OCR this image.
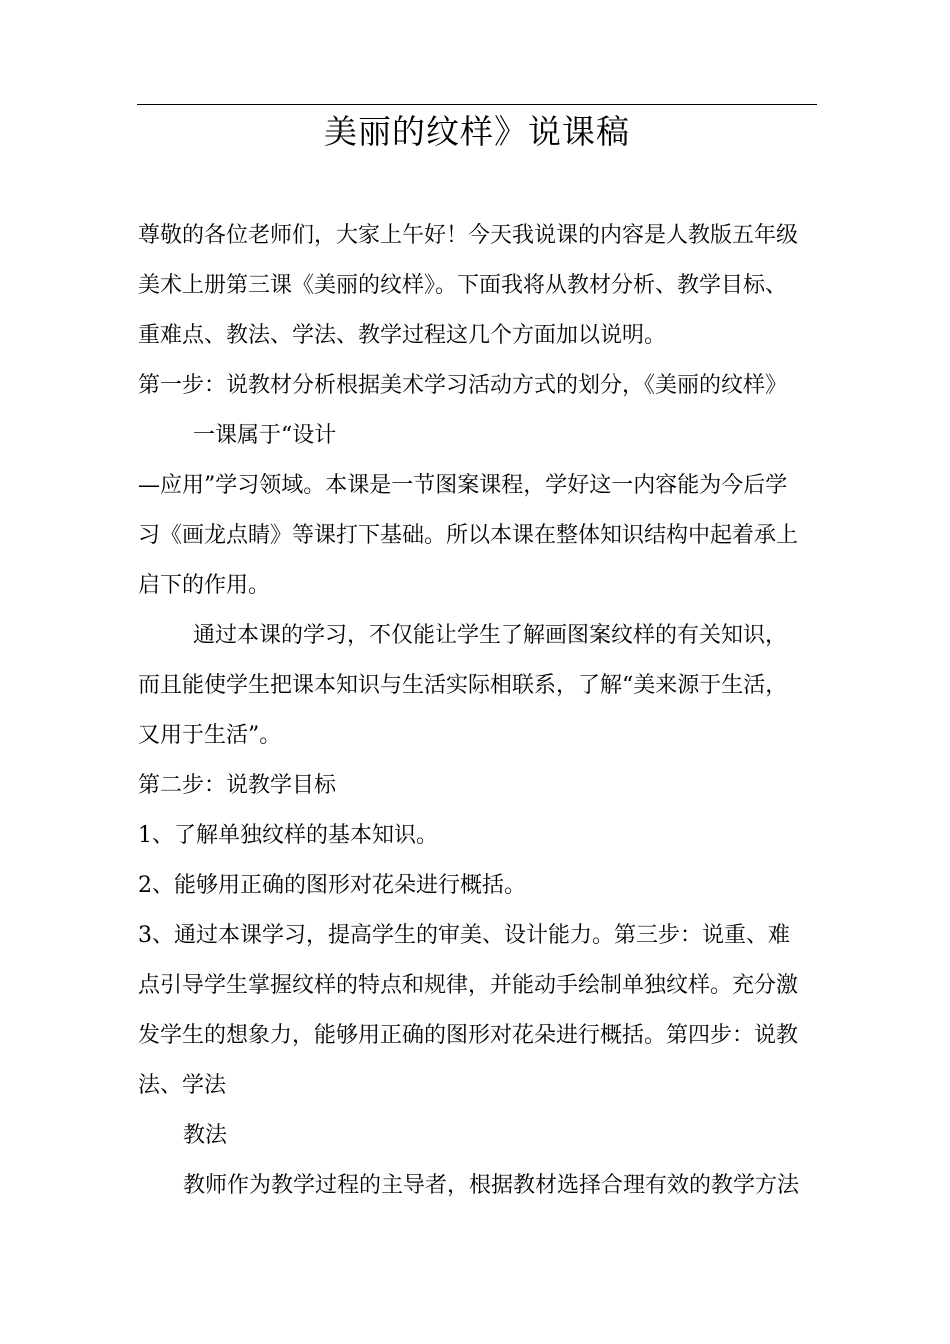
美丽的纹样》说课稿
尊敬的各位老师们，大家上午好！今天我说课的内容是人教版五年级
美术上册第三课《美丽的纹样》。下面我将从教材分析、教学目标、
重难点、教法、学法、教学过程这几个方面加以说明。
第一步：说教材分析根据美术学习活动方式的划分，《美丽的纹样》
一课属于“设计
—应用”学习领域。本课是一节图案课程，学好这一内容能为今后学
习《画龙点睛》等课打下基础。所以本课在整体知识结构中起着承上
启下的作用。
通过本课的学习，不仅能让学生了解画图案纹样的有关知识，
而且能使学生把课本知识与生活实际相联系，了解“美来源于生活，
又用于生活”。
第二步：说教学目标
1、了解单独纹样的基本知识。
2、能够用正确的图形对花朵进行概括。
3、通过本课学习，提高学生的审美、设计能力。第三步：说重、难
点引导学生掌握纹样的特点和规律，并能动手绘制单独纹样。充分激
发学生的想象力，能够用正确的图形对花朵进行概括。第四步：说教
法、学法
教法
教师作为教学过程的主导者，根据教材选择合理有效的教学方法
